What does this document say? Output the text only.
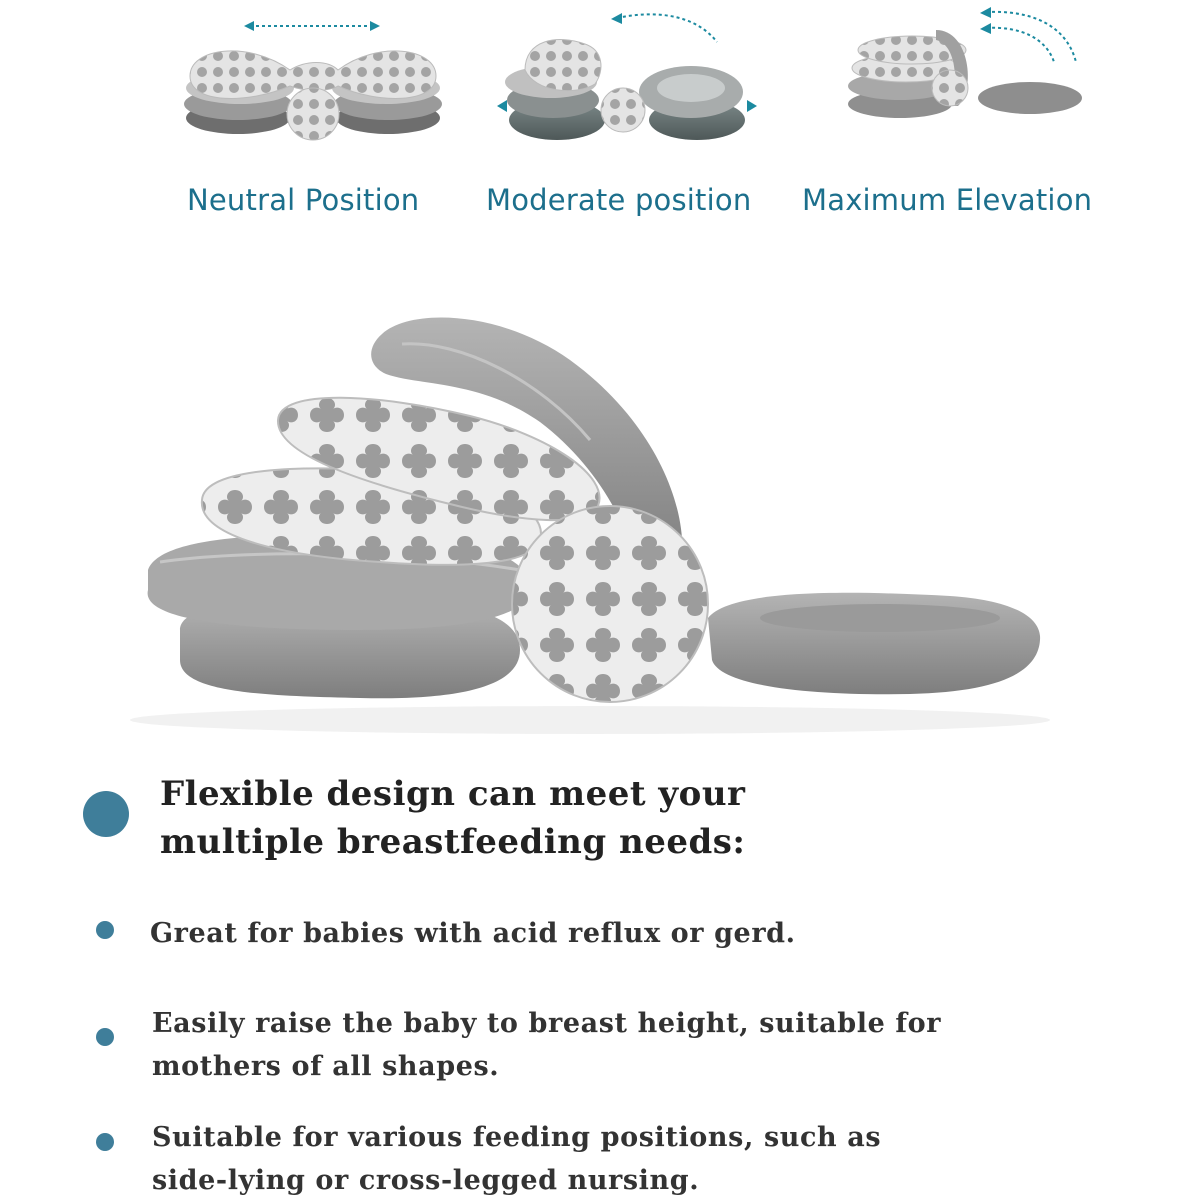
Neutral Position Moderate position Maximum Elevation
Flexible design can meet your
multiple breastfeeding needs:
Great for babies with acid reflux or gerd.
Easily raise the baby to breast height, suitable for
mothers of all shapes.
Suitable for various feeding positions, such as
side-lying or cross-legged nursing.
